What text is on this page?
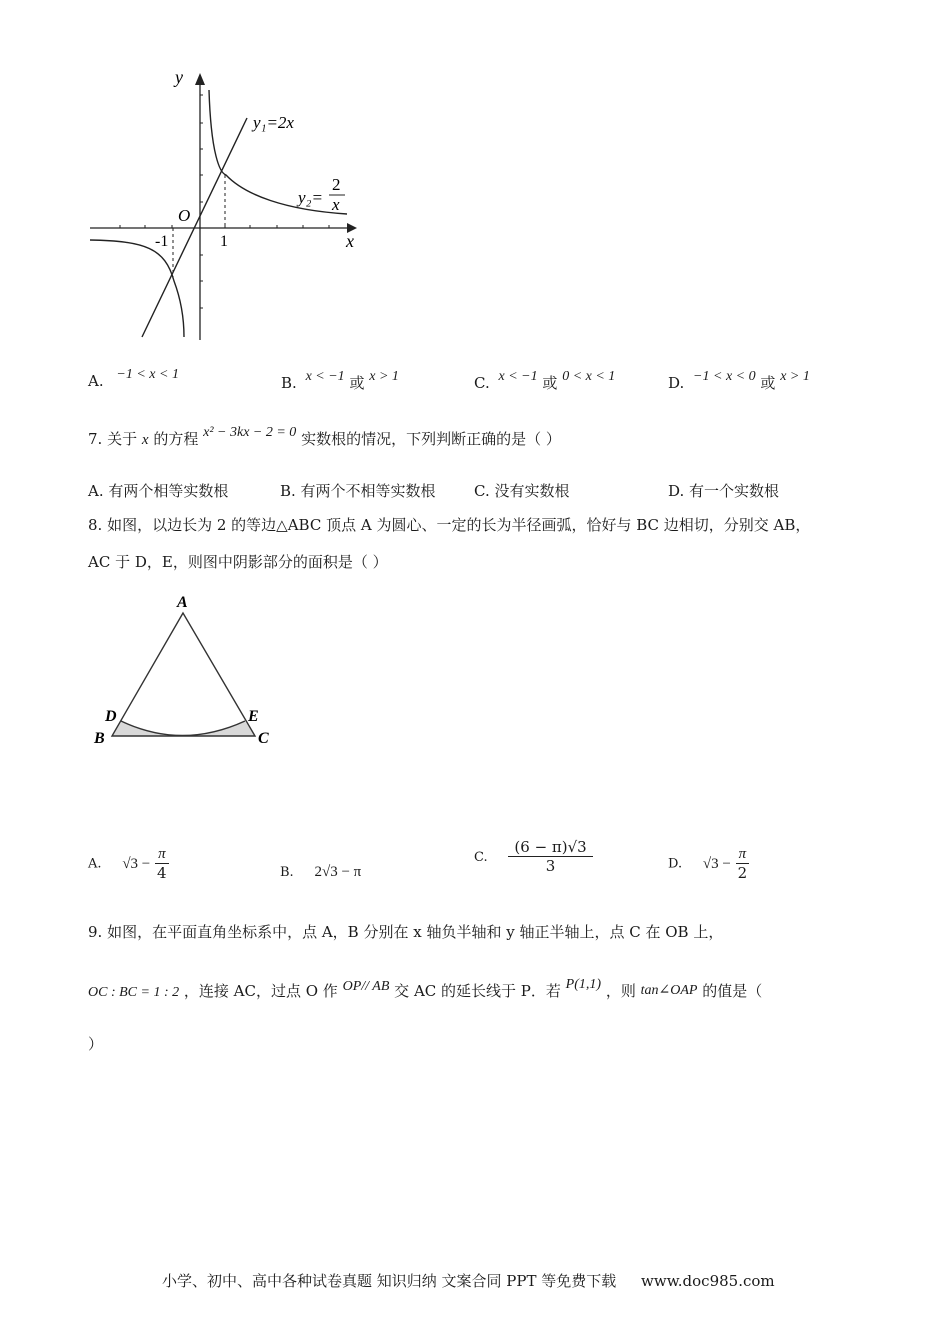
y
x
O
-1	1
y₁=2x
y₂=
2
x
A. −1 < x < 1	B. x < −1 或 x > 1	C. x < −1 或 0 < x < 1	D. −1 < x < 0 或 x > 1
7. 关于 x 的方程 x² − 3kx − 2 = 0 实数根的情况，下列判断正确的是（ ）
A. 有两个相等实数根	B. 有两个不相等实数根	C. 没有实数根	D. 有一个实数根
8. 如图，以边长为 2 的等边△ABC 顶点 A 为圆心、一定的长为半径画弧，恰好与 BC 边相切，分别交 AB，
AC 于 D，E，则图中阴影部分的面积是（ ）
A
B	C
D	E
A. $√3 - \frac{\pi}{4}$	B. 2√3 − π
C. $\frac{(6 - \pi)√3}{3}$	D. $√3 - \frac{\pi}{2}$
9. 如图，在平面直角坐标系中，点 A，B 分别在 x 轴负半轴和 y 轴正半轴上，点 C 在 OB 上，
OC : BC = 1 : 2 ，连接 AC，过点 O 作 OP// AB 交 AC 的延长线于 P．若 P(1,1) ，则 tan∠OAP 的值是（
）
小学、初中、高中各种试卷真题 知识归纳 文案合同 PPT 等免费下载 www.doc985.com
